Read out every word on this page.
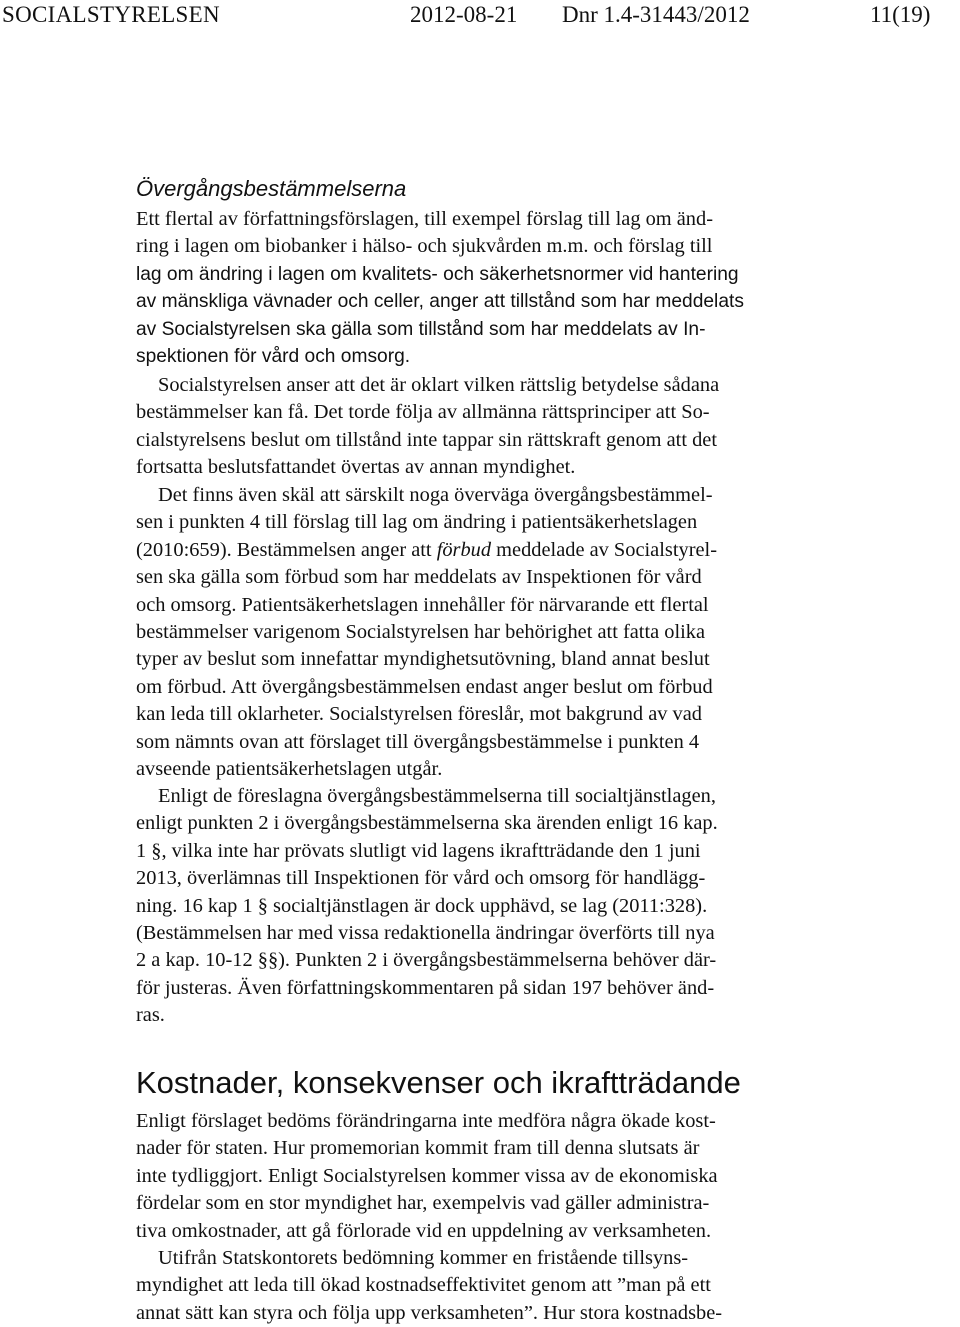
SOCIALSTYRELSEN	2012-08-21 Dnr 1.4-31443/2012	11(19)
Övergångsbestämmelserna
Ett flertal av författningsförslagen, till exempel förslag till lag om änd-
ring i lagen om biobanker i hälso- och sjukvården m.m. och förslag till
lag om ändring i lagen om kvalitets- och säkerhetsnormer vid hantering
av mänskliga vävnader och celler, anger att tillstånd som har meddelats
av Socialstyrelsen ska gälla som tillstånd som har meddelats av In-
spektionen för vård och omsorg.
Socialstyrelsen anser att det är oklart vilken rättslig betydelse sådana
bestämmelser kan få. Det torde följa av allmänna rättsprinciper att So-
cialstyrelsens beslut om tillstånd inte tappar sin rättskraft genom att det
fortsatta beslutsfattandet övertas av annan myndighet.
Det finns även skäl att särskilt noga överväga övergångsbestämmel-
sen i punkten 4 till förslag till lag om ändring i patientsäkerhetslagen
(2010:659). Bestämmelsen anger att förbud meddelade av Socialstyrel-
sen ska gälla som förbud som har meddelats av Inspektionen för vård
och omsorg. Patientsäkerhetslagen innehåller för närvarande ett flertal
bestämmelser varigenom Socialstyrelsen har behörighet att fatta olika
typer av beslut som innefattar myndighetsutövning, bland annat beslut
om förbud. Att övergångsbestämmelsen endast anger beslut om förbud
kan leda till oklarheter. Socialstyrelsen föreslår, mot bakgrund av vad
som nämnts ovan att förslaget till övergångsbestämmelse i punkten 4
avseende patientsäkerhetslagen utgår.
Enligt de föreslagna övergångsbestämmelserna till socialtjänstlagen,
enligt punkten 2 i övergångsbestämmelserna ska ärenden enligt 16 kap.
1 §, vilka inte har prövats slutligt vid lagens ikraftträdande den 1 juni
2013, överlämnas till Inspektionen för vård och omsorg för handlägg-
ning. 16 kap 1 § socialtjänstlagen är dock upphävd, se lag (2011:328).
(Bestämmelsen har med vissa redaktionella ändringar överförts till nya
2 a kap. 10-12 §§). Punkten 2 i övergångsbestämmelserna behöver där-
för justeras. Även författningskommentaren på sidan 197 behöver änd-
ras.
Kostnader, konsekvenser och ikraftträdande
Enligt förslaget bedöms förändringarna inte medföra några ökade kost-
nader för staten. Hur promemorian kommit fram till denna slutsats är
inte tydliggjort. Enligt Socialstyrelsen kommer vissa av de ekonomiska
fördelar som en stor myndighet har, exempelvis vad gäller administra-
tiva omkostnader, att gå förlorade vid en uppdelning av verksamheten.
Utifrån Statskontorets bedömning kommer en fristående tillsyns-
myndighet att leda till ökad kostnadseffektivitet genom att ”man på ett
annat sätt kan styra och följa upp verksamheten”. Hur stora kostnadsbe-
